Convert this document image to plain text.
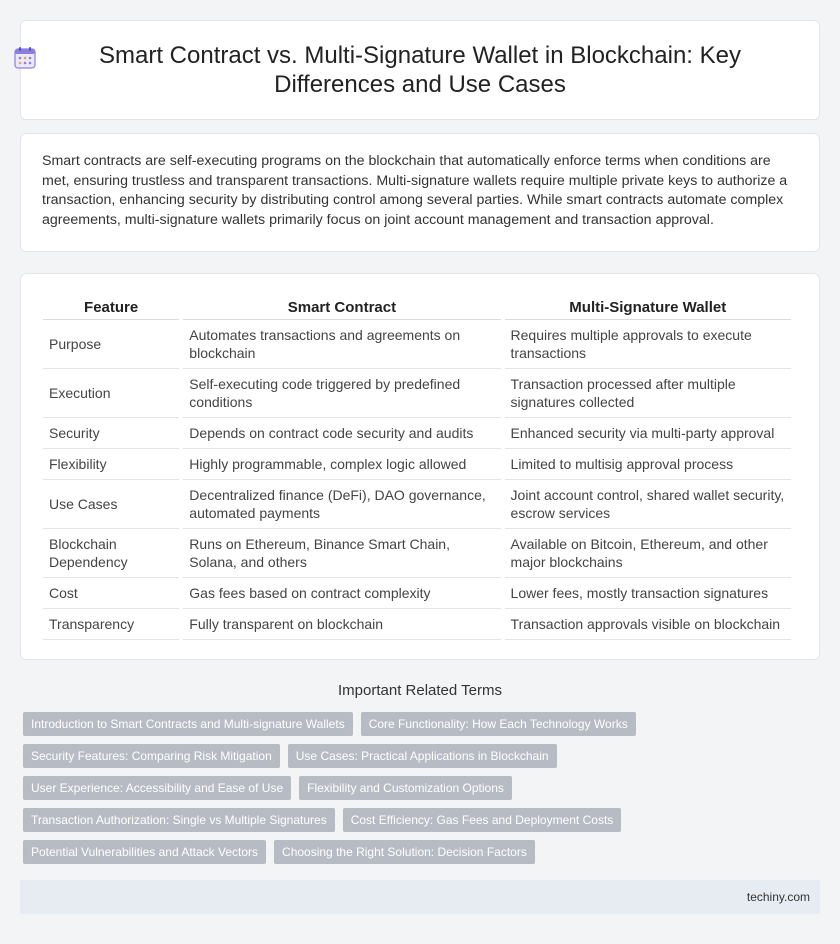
Smart Contract vs. Multi-Signature Wallet in Blockchain: Key Differences and Use Cases

Smart contracts are self-executing programs on the blockchain that automatically enforce terms when conditions are met, ensuring trustless and transparent transactions. Multi-signature wallets require multiple private keys to authorize a transaction, enhancing security by distributing control among several parties. While smart contracts automate complex agreements, multi-signature wallets primarily focus on joint account management and transaction approval.

Feature	Smart Contract	Multi-Signature Wallet
Purpose	Automates transactions and agreements on blockchain	Requires multiple approvals to execute transactions
Execution	Self-executing code triggered by predefined conditions	Transaction processed after multiple signatures collected
Security	Depends on contract code security and audits	Enhanced security via multi-party approval
Flexibility	Highly programmable, complex logic allowed	Limited to multisig approval process
Use Cases	Decentralized finance (DeFi), DAO governance, automated payments	Joint account control, shared wallet security, escrow services
Blockchain Dependency	Runs on Ethereum, Binance Smart Chain, Solana, and others	Available on Bitcoin, Ethereum, and other major blockchains
Cost	Gas fees based on contract complexity	Lower fees, mostly transaction signatures
Transparency	Fully transparent on blockchain	Transaction approvals visible on blockchain
Important Related Terms
Introduction to Smart Contracts and Multi-signature Wallets	Core Functionality: How Each Technology Works
Security Features: Comparing Risk Mitigation	Use Cases: Practical Applications in Blockchain
User Experience: Accessibility and Ease of Use	Flexibility and Customization Options
Transaction Authorization: Single vs Multiple Signatures	Cost Efficiency: Gas Fees and Deployment Costs
Potential Vulnerabilities and Attack Vectors	Choosing the Right Solution: Decision Factors
techiny.com
